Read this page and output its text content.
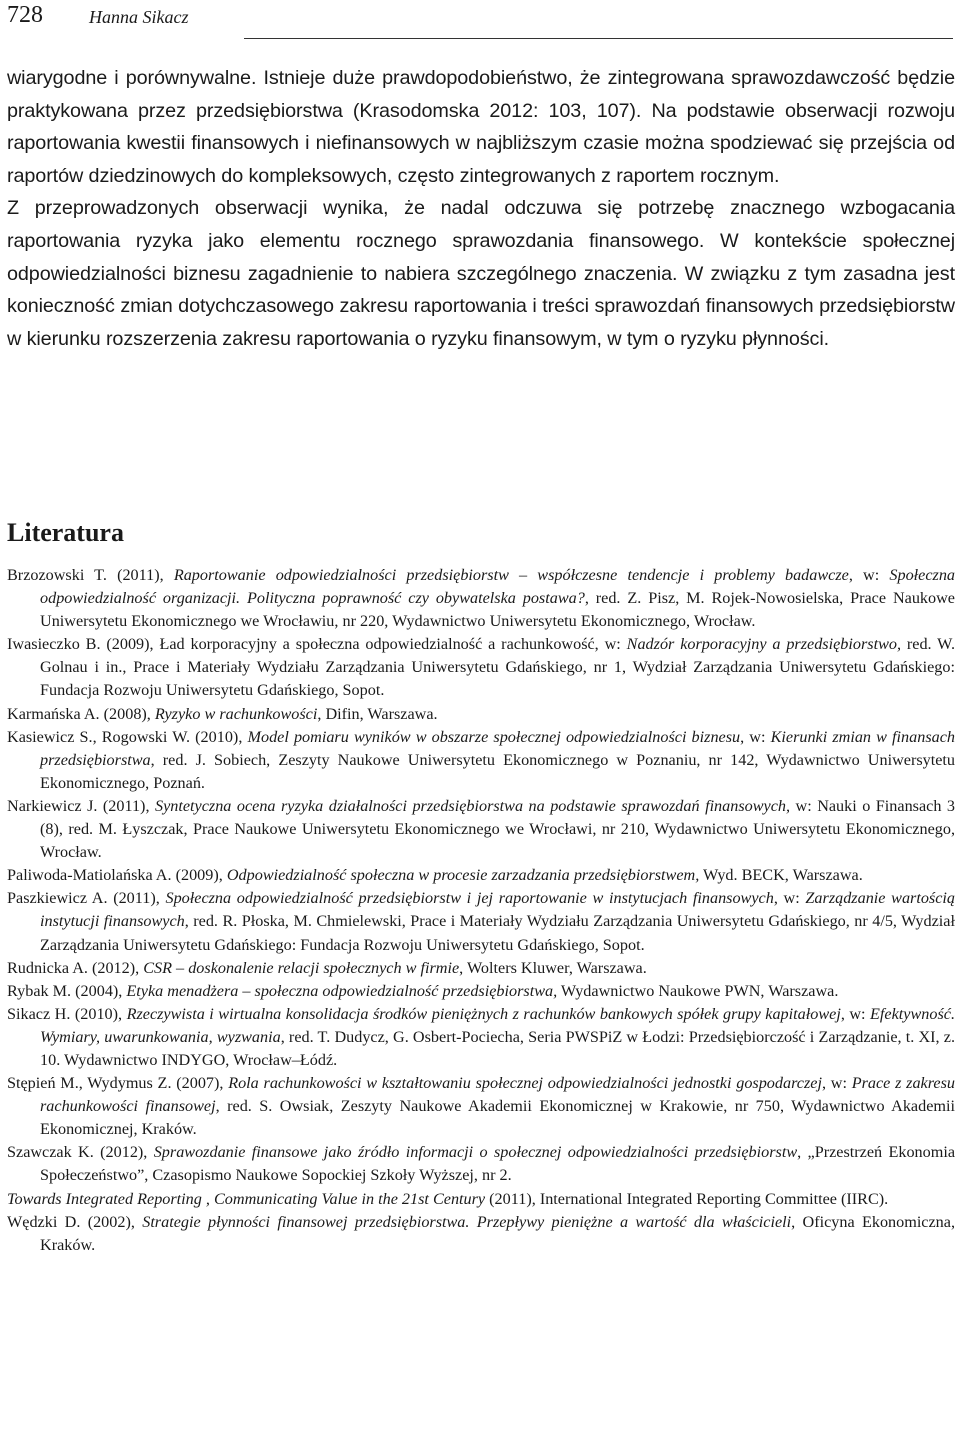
728	Hanna Sikacz

wiarygodne i porównywalne. Istnieje duże prawdopodobieństwo, że zintegrowana sprawozdawczość będzie praktykowana przez przedsiębiorstwa (Krasodomska 2012: 103, 107). Na podstawie obserwacji rozwoju raportowania kwestii finansowych i niefinansowych w najbliższym czasie można spodziewać się przejścia od raportów dziedzinowych do kompleksowych, często zintegrowanych z raportem rocznym.

Z przeprowadzonych obserwacji wynika, że nadal odczuwa się potrzebę znacznego wzbogacania raportowania ryzyka jako elementu rocznego sprawozdania finansowego. W kontekście społecznej odpowiedzialności biznesu zagadnienie to nabiera szczególnego znaczenia. W związku z tym zasadna jest konieczność zmian dotychczasowego zakresu raportowania i treści sprawozdań finansowych przedsiębiorstw w kierunku rozszerzenia zakresu raportowania o ryzyku finansowym, w tym o ryzyku płynności.

Literatura

Brzozowski T. (2011), Raportowanie odpowiedzialności przedsiębiorstw – współczesne tendencje i problemy badawcze, w: Społeczna odpowiedzialność organizacji. Polityczna poprawność czy obywatelska postawa?, red. Z. Pisz, M. Rojek-Nowosielska, Prace Naukowe Uniwersytetu Ekonomicznego we Wrocławiu, nr 220, Wydawnictwo Uniwersytetu Ekonomicznego, Wrocław.

Iwasieczko B. (2009), Ład korporacyjny a społeczna odpowiedzialność a rachunkowość, w: Nadzór korporacyjny a przedsiębiorstwo, red. W. Golnau i in., Prace i Materiały Wydziału Zarządzania Uniwersytetu Gdańskiego, nr 1, Wydział Zarządzania Uniwersytetu Gdańskiego: Fundacja Rozwoju Uniwersytetu Gdańskiego, Sopot.

Karmańska A. (2008), Ryzyko w rachunkowości, Difin, Warszawa.

Kasiewicz S., Rogowski W. (2010), Model pomiaru wyników w obszarze społecznej odpowiedzialności biznesu, w: Kierunki zmian w finansach przedsiębiorstwa, red. J. Sobiech, Zeszyty Naukowe Uniwersytetu Ekonomicznego w Poznaniu, nr 142, Wydawnictwo Uniwersytetu Ekonomicznego, Poznań.

Narkiewicz J. (2011), Syntetyczna ocena ryzyka działalności przedsiębiorstwa na podstawie sprawozdań finansowych, w: Nauki o Finansach 3 (8), red. M. Łyszczak, Prace Naukowe Uniwersytetu Ekonomicznego we Wrocławi, nr 210, Wydawnictwo Uniwersytetu Ekonomicznego, Wrocław.

Paliwoda-Matiolańska A. (2009), Odpowiedzialność społeczna w procesie zarzadzania przedsiębiorstwem, Wyd. BECK, Warszawa.

Paszkiewicz A. (2011), Społeczna odpowiedzialność przedsiębiorstw i jej raportowanie w instytucjach finansowych, w: Zarządzanie wartością instytucji finansowych, red. R. Płoska, M. Chmielewski, Prace i Materiały Wydziału Zarządzania Uniwersytetu Gdańskiego, nr 4/5, Wydział Zarządzania Uniwersytetu Gdańskiego: Fundacja Rozwoju Uniwersytetu Gdańskiego, Sopot.

Rudnicka A. (2012), CSR – doskonalenie relacji społecznych w firmie, Wolters Kluwer, Warszawa.

Rybak M. (2004), Etyka menadżera – społeczna odpowiedzialność przedsiębiorstwa, Wydawnictwo Naukowe PWN, Warszawa.

Sikacz H. (2010), Rzeczywista i wirtualna konsolidacja środków pieniężnych z rachunków bankowych spółek grupy kapitałowej, w: Efektywność. Wymiary, uwarunkowania, wyzwania, red. T. Dudycz, G. Osbert-Pociecha, Seria PWSPiZ w Łodzi: Przedsiębiorczość i Zarządzanie, t. XI, z. 10. Wydawnictwo INDYGO, Wrocław–Łódź.

Stępień M., Wydymus Z. (2007), Rola rachunkowości w kształtowaniu społecznej odpowiedzialności jednostki gospodarczej, w: Prace z zakresu rachunkowości finansowej, red. S. Owsiak, Zeszyty Naukowe Akademii Ekonomicznej w Krakowie, nr 750, Wydawnictwo Akademii Ekonomicznej, Kraków.

Szawczak K. (2012), Sprawozdanie finansowe jako źródło informacji o społecznej odpowiedzialności przedsiębiorstw, „Przestrzeń Ekonomia Społeczeństwo”, Czasopismo Naukowe Sopockiej Szkoły Wyższej, nr 2.

Towards Integrated Reporting , Communicating Value in the 21st Century (2011), International Integrated Reporting Committee (IIRC).

Wędzki D. (2002), Strategie płynności finansowej przedsiębiorstwa. Przepływy pieniężne a wartość dla właścicieli, Oficyna Ekonomiczna, Kraków.
